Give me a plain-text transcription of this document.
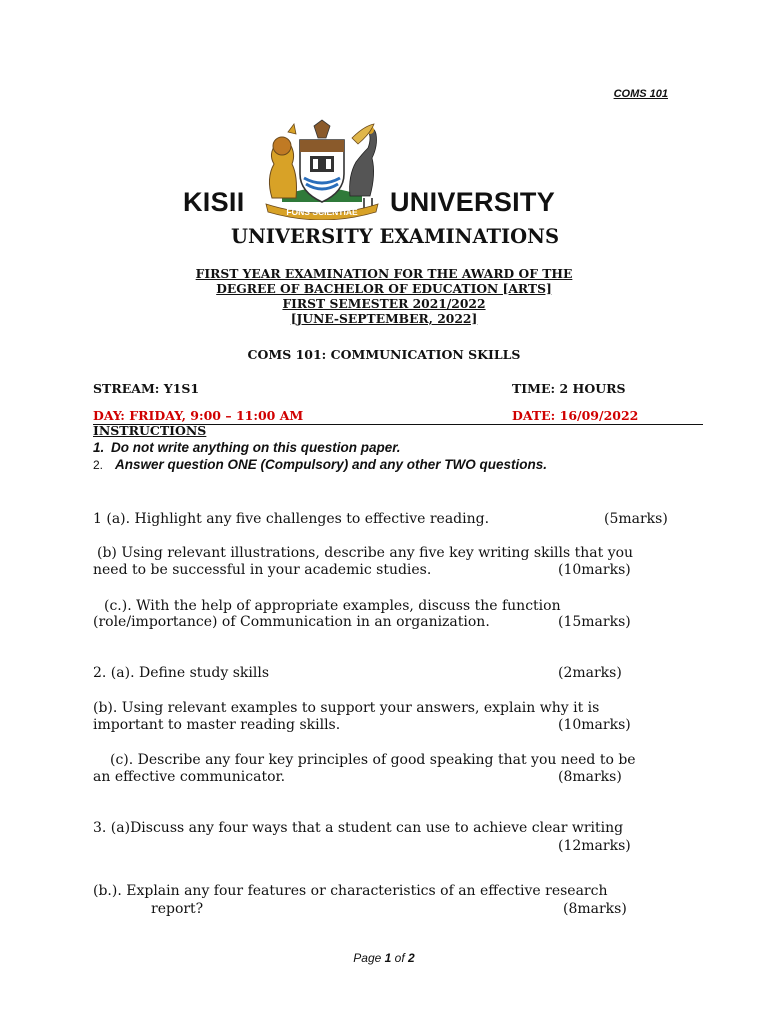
COMS 101
FONS SCIENTIAE
KISII	UNIVERSITY
UNIVERSITY EXAMINATIONS
FIRST YEAR EXAMINATION FOR THE AWARD OF THE
DEGREE OF BACHELOR OF EDUCATION [ARTS]
FIRST SEMESTER 2021/2022
[JUNE-SEPTEMBER, 2022]
COMS 101: COMMUNICATION SKILLS
STREAM: Y1S1	TIME: 2 HOURS
DAY: FRIDAY, 9:00 – 11:00 AM	DATE: 16/09/2022
INSTRUCTIONS
1. Do not write anything on this question paper.
2. Answer question ONE (Compulsory) and any other TWO questions.
1 (a). Highlight any five challenges to effective reading.	(5marks)
(b) Using relevant illustrations, describe any five key writing skills that you
need to be successful in your academic studies.	(10marks)
(c.). With the help of appropriate examples, discuss the function
(role/importance) of Communication in an organization.	(15marks)
2. (a). Define study skills	(2marks)
(b). Using relevant examples to support your answers, explain why it is
important to master reading skills.	(10marks)
(c). Describe any four key principles of good speaking that you need to be
an effective communicator.	(8marks)
3. (a)Discuss any four ways that a student can use to achieve clear writing
(12marks)
(b.). Explain any four features or characteristics of an effective research
report?	(8marks)
Page 1 of 2
